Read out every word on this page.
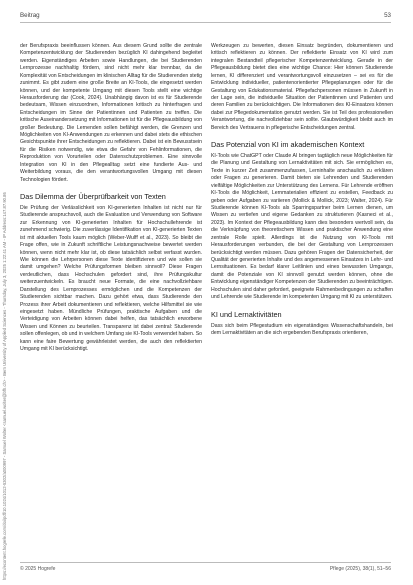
https://econtent.hogrefe.com/doi/pdf/10.1024/1012-5302/a000997 - Samuel Wolter <samuel.wolter@bfh.ch> - Bern University of Applied Sciences - Thursday, July 3, 2025 1:22:41 AM - IP Address:147.87.90.86
Beitrag	53

der Berufspraxis beeinflussen können. Aus diesem Grund sollte die zentrale Kompetenzentwicklung der Studierenden bezüglich KI dahingehend begleitet werden. Eigenständiges Arbeiten sowie Handlungen, die bei Studierenden Lernprozesse nachhaltig fördern, sind nicht mehr klar trennbar, da die Komplexität von Entscheidungen im klinischen Alltag für die Studierenden stetig zunimmt. Es gibt zudem eine große Breite an KI-Tools, die eingesetzt werden können, und der kompetente Umgang mit diesen Tools stellt eine wichtige Herausforderung dar (Cook, 2024). Unabhängig davon ist es für Studierende bedeutsam, Wissen einzuordnen, Informationen kritisch zu hinterfragen und Entscheidungen im Sinne der Patientinnen und Patienten zu treffen. Die kritische Auseinandersetzung mit Informationen ist für die Pflegeausbildung von großer Bedeutung. Die Lernenden sollen befähigt werden, die Grenzen und Möglichkeiten von KI-Anwendungen zu erkennen und dabei stets die ethischen Gesichtspunkte ihrer Entscheidungen zu reflektieren. Dabei ist ein Bewusstsein für die Risiken notwendig, wie etwa die Gefahr von Fehlinformationen, die Reproduktion von Vorurteilen oder Datenschutzproblemen. Eine sinnvolle Integration von KI in den Pflegealltag setzt eine fundierte Aus- und Weiterbildung voraus, die den verantwortungsvollen Umgang mit diesen Technologien fördert.

Das Dilemma der Überprüfbarkeit von Texten

Die Prüfung der Verlässlichkeit von KI-generierten Inhalten ist nicht nur für Studierende anspruchsvoll, auch die Evaluation und Verwendung von Software zur Erkennung von KI-generierten Inhalten für Hochschullehrende ist zunehmend schwierig. Die zuverlässige Identifikation von KI-generierten Texten ist mit aktuellen Tools kaum möglich (Weber-Wulff et al., 2023). So bleibt die Frage offen, wie in Zukunft schriftliche Leistungsnachweise bewertet werden können, wenn nicht mehr klar ist, ob diese tatsächlich selbst verfasst wurden. Wie können die Lehrpersonen diese Texte identifizieren und wie sollen sie damit umgehen? Welche Prüfungsformen bleiben sinnvoll? Diese Fragen verdeutlichen, dass Hochschulen gefordert sind, ihre Prüfungskultur weiterzuentwickeln. Es braucht neue Formate, die eine nachvollziehbare Darstellung des Lernprozesses ermöglichen und die Kompetenzen der Studierenden sichtbar machen. Dazu gehört etwa, dass Studierende den Prozess ihrer Arbeit dokumentieren und reflektieren, welche Hilfsmittel sie wie eingesetzt haben. Mündliche Prüfungen, praktische Aufgaben und die Verteidigung von Arbeiten können dabei helfen, das tatsächlich erworbene Wissen und Können zu beurteilen. Transparenz ist dabei zentral: Studierende sollen offenlegen, ob und in welchem Umfang sie KI-Tools verwendet haben. So kann eine faire Bewertung gewährleistet werden, die auch den reflektierten Umgang mit KI berücksichtigt.

Werkzeugen zu bewerten, diesen Einsatz begründen, dokumentieren und kritisch reflektieren zu können. Der reflektierte Einsatz von KI wird zum integralen Bestandteil pflegerischer Kompetenzentwicklung. Gerade in der Pflegeausbildung bietet dies eine wichtige Chance: Hier können Studierende lernen, KI differenziert und verantwortungsvoll einzusetzen – sei es für die Entwicklung individueller, patientenorientierter Pflegeplanungen oder für die Gestaltung von Edukationsmaterial. Pflegefachpersonen müssen in Zukunft in der Lage sein, die individuelle Situation der Patientinnen und Patienten und deren Familien zu berücksichtigen. Die Informationen des KI-Einsatzes können dabei zur Pflegedokumentation genutzt werden. Sie ist Teil des professionellen Verantwortung, die nachvollziehbar sein sollte. Glaubwürdigkeit bleibt auch im Bereich des Vertrauens in pflegerische Entscheidungen zentral.

Das Potenzial von KI im akademischen Kontext

KI-Tools wie ChatGPT oder Claude AI bringen tagtäglich neue Möglichkeiten für die Planung und Gestaltung von Lernaktivitäten mit sich. Sie ermöglichen es, Texte in kurzer Zeit zusammenzufassen, Lerninhalte anschaulich zu erklären oder Fragen zu generieren. Damit bieten sie Lehrenden und Studierenden vielfältige Möglichkeiten zur Unterstützung des Lernens. Für Lehrende eröffnen KI-Tools die Möglichkeit, Lernmaterialien effizient zu erstellen, Feedback zu geben oder Aufgaben zu variieren (Mollick & Mollick, 2023; Walter, 2024). Für Studierende können KI-Tools als Sparringspartner beim Lernen dienen, um Wissen zu vertiefen und eigene Gedanken zu strukturieren (Kasneci et al., 2023). Im Kontext der Pflegeausbildung kann dies besonders wertvoll sein, da die Verknüpfung von theoretischem Wissen und praktischer Anwendung eine zentrale Rolle spielt. Allerdings ist die Nutzung von KI-Tools mit Herausforderungen verbunden, die bei der Gestaltung von Lernprozessen berücksichtigt werden müssen. Dazu gehören Fragen der Datensicherheit, der Qualität der generierten Inhalte und des angemessenen Einsatzes in Lehr- und Lernsituationen. Es bedarf klarer Leitlinien und eines bewussten Umgangs, damit die Potenziale von KI sinnvoll genutzt werden können, ohne die Entwicklung eigenständiger Kompetenzen der Studierenden zu beeinträchtigen. Hochschulen sind daher gefordert, geeignete Rahmenbedingungen zu schaffen und Lehrende wie Studierende im kompetenten Umgang mit KI zu unterstützen.

KI und Lernaktivitäten

Dass sich beim Pflegestudium ein eigenständiges Wissenschaftshandeln, bei dem Lernaktivitäten an die sich ergebenden Berufspraxis orientieren,

© 2025 Hogrefe	Pflege (2025), 38(1), 51–56
